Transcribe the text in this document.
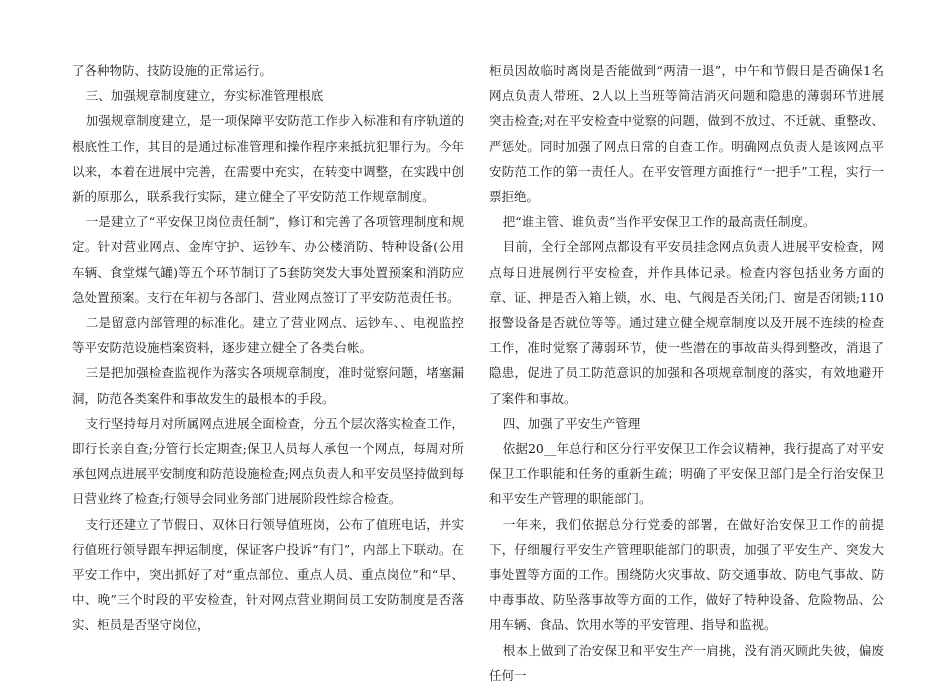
了各种物防、技防设施的正常运行。

三、加强规章制度建立，夯实标准管理根底

加强规章制度建立，是一项保障平安防范工作步入标准和有序轨道的根底性工作，其目的是通过标准管理和操作程序来抵抗犯罪行为。今年以来，本着在进展中完善，在需要中充实，在转变中调整，在实践中创新的原那么，联系我行实际，建立健全了平安防范工作规章制度。

一是建立了“平安保卫岗位责任制”，修订和完善了各项管理制度和规定。针对营业网点、金库守护、运钞车、办公楼消防、特种设备(公用车辆、食堂煤气罐)等五个环节制订了5套防突发大事处置预案和消防应急处置预案。支行在年初与各部门、营业网点签订了平安防范责任书。

二是留意内部管理的标准化。建立了营业网点、运钞车、、电视监控等平安防范设施档案资料，逐步建立健全了各类台帐。

三是把加强检查监视作为落实各项规章制度，准时觉察问题，堵塞漏洞，防范各类案件和事故发生的最根本的手段。

支行坚持每月对所属网点进展全面检查，分五个层次落实检查工作，即行长亲自查;分管行长定期查;保卫人员每人承包一个网点，每周对所承包网点进展平安制度和防范设施检查;网点负责人和平安员坚持做到每日营业终了检查;行领导会同业务部门进展阶段性综合检查。

支行还建立了节假日、双休日行领导值班岗，公布了值班电话，并实行值班行领导跟车押运制度，保证客户投诉“有门”，内部上下联动。在平安工作中，突出抓好了对“重点部位、重点人员、重点岗位”和“早、中、晚”三个时段的平安检查，针对网点营业期间员工安防制度是否落实、柜员是否坚守岗位，

柜员因故临时离岗是否能做到“两清一退”，中午和节假日是否确保1名网点负责人带班、2人以上当班等简洁消灭问题和隐患的薄弱环节进展突击检查;对在平安检查中觉察的问题，做到不放过、不迁就、重整改、严惩处。同时加强了网点日常的自查工作。明确网点负责人是该网点平安防范工作的第一责任人。在平安管理方面推行“一把手”工程，实行一票拒绝。

把“谁主管、谁负责”当作平安保卫工作的最高责任制度。

目前，全行全部网点都设有平安员挂念网点负责人进展平安检查，网点每日进展例行平安检查，并作具体记录。检查内容包括业务方面的章、证、押是否入箱上锁，水、电、气阀是否关闭;门、窗是否闭锁;110报警设备是否就位等等。通过建立健全规章制度以及开展不连续的检查工作，准时觉察了薄弱环节，使一些潜在的事故苗头得到整改，消退了隐患，促进了员工防范意识的加强和各项规章制度的落实，有效地避开了案件和事故。

四、加强了平安生产管理

依据20__年总行和区分行平安保卫工作会议精神，我行提高了对平安保卫工作职能和任务的重新生疏；明确了平安保卫部门是全行治安保卫和平安生产管理的职能部门。

一年来，我们依据总分行党委的部署，在做好治安保卫工作的前提下，仔细履行平安生产管理职能部门的职责，加强了平安生产、突发大事处置等方面的工作。围绕防火灾事故、防交通事故、防电气事故、防中毒事故、防坠落事故等方面的工作，做好了特种设备、危险物品、公用车辆、食品、饮用水等的平安管理、指导和监视。

根本上做到了治安保卫和平安生产一肩挑，没有消灭顾此失彼，偏废任何一
